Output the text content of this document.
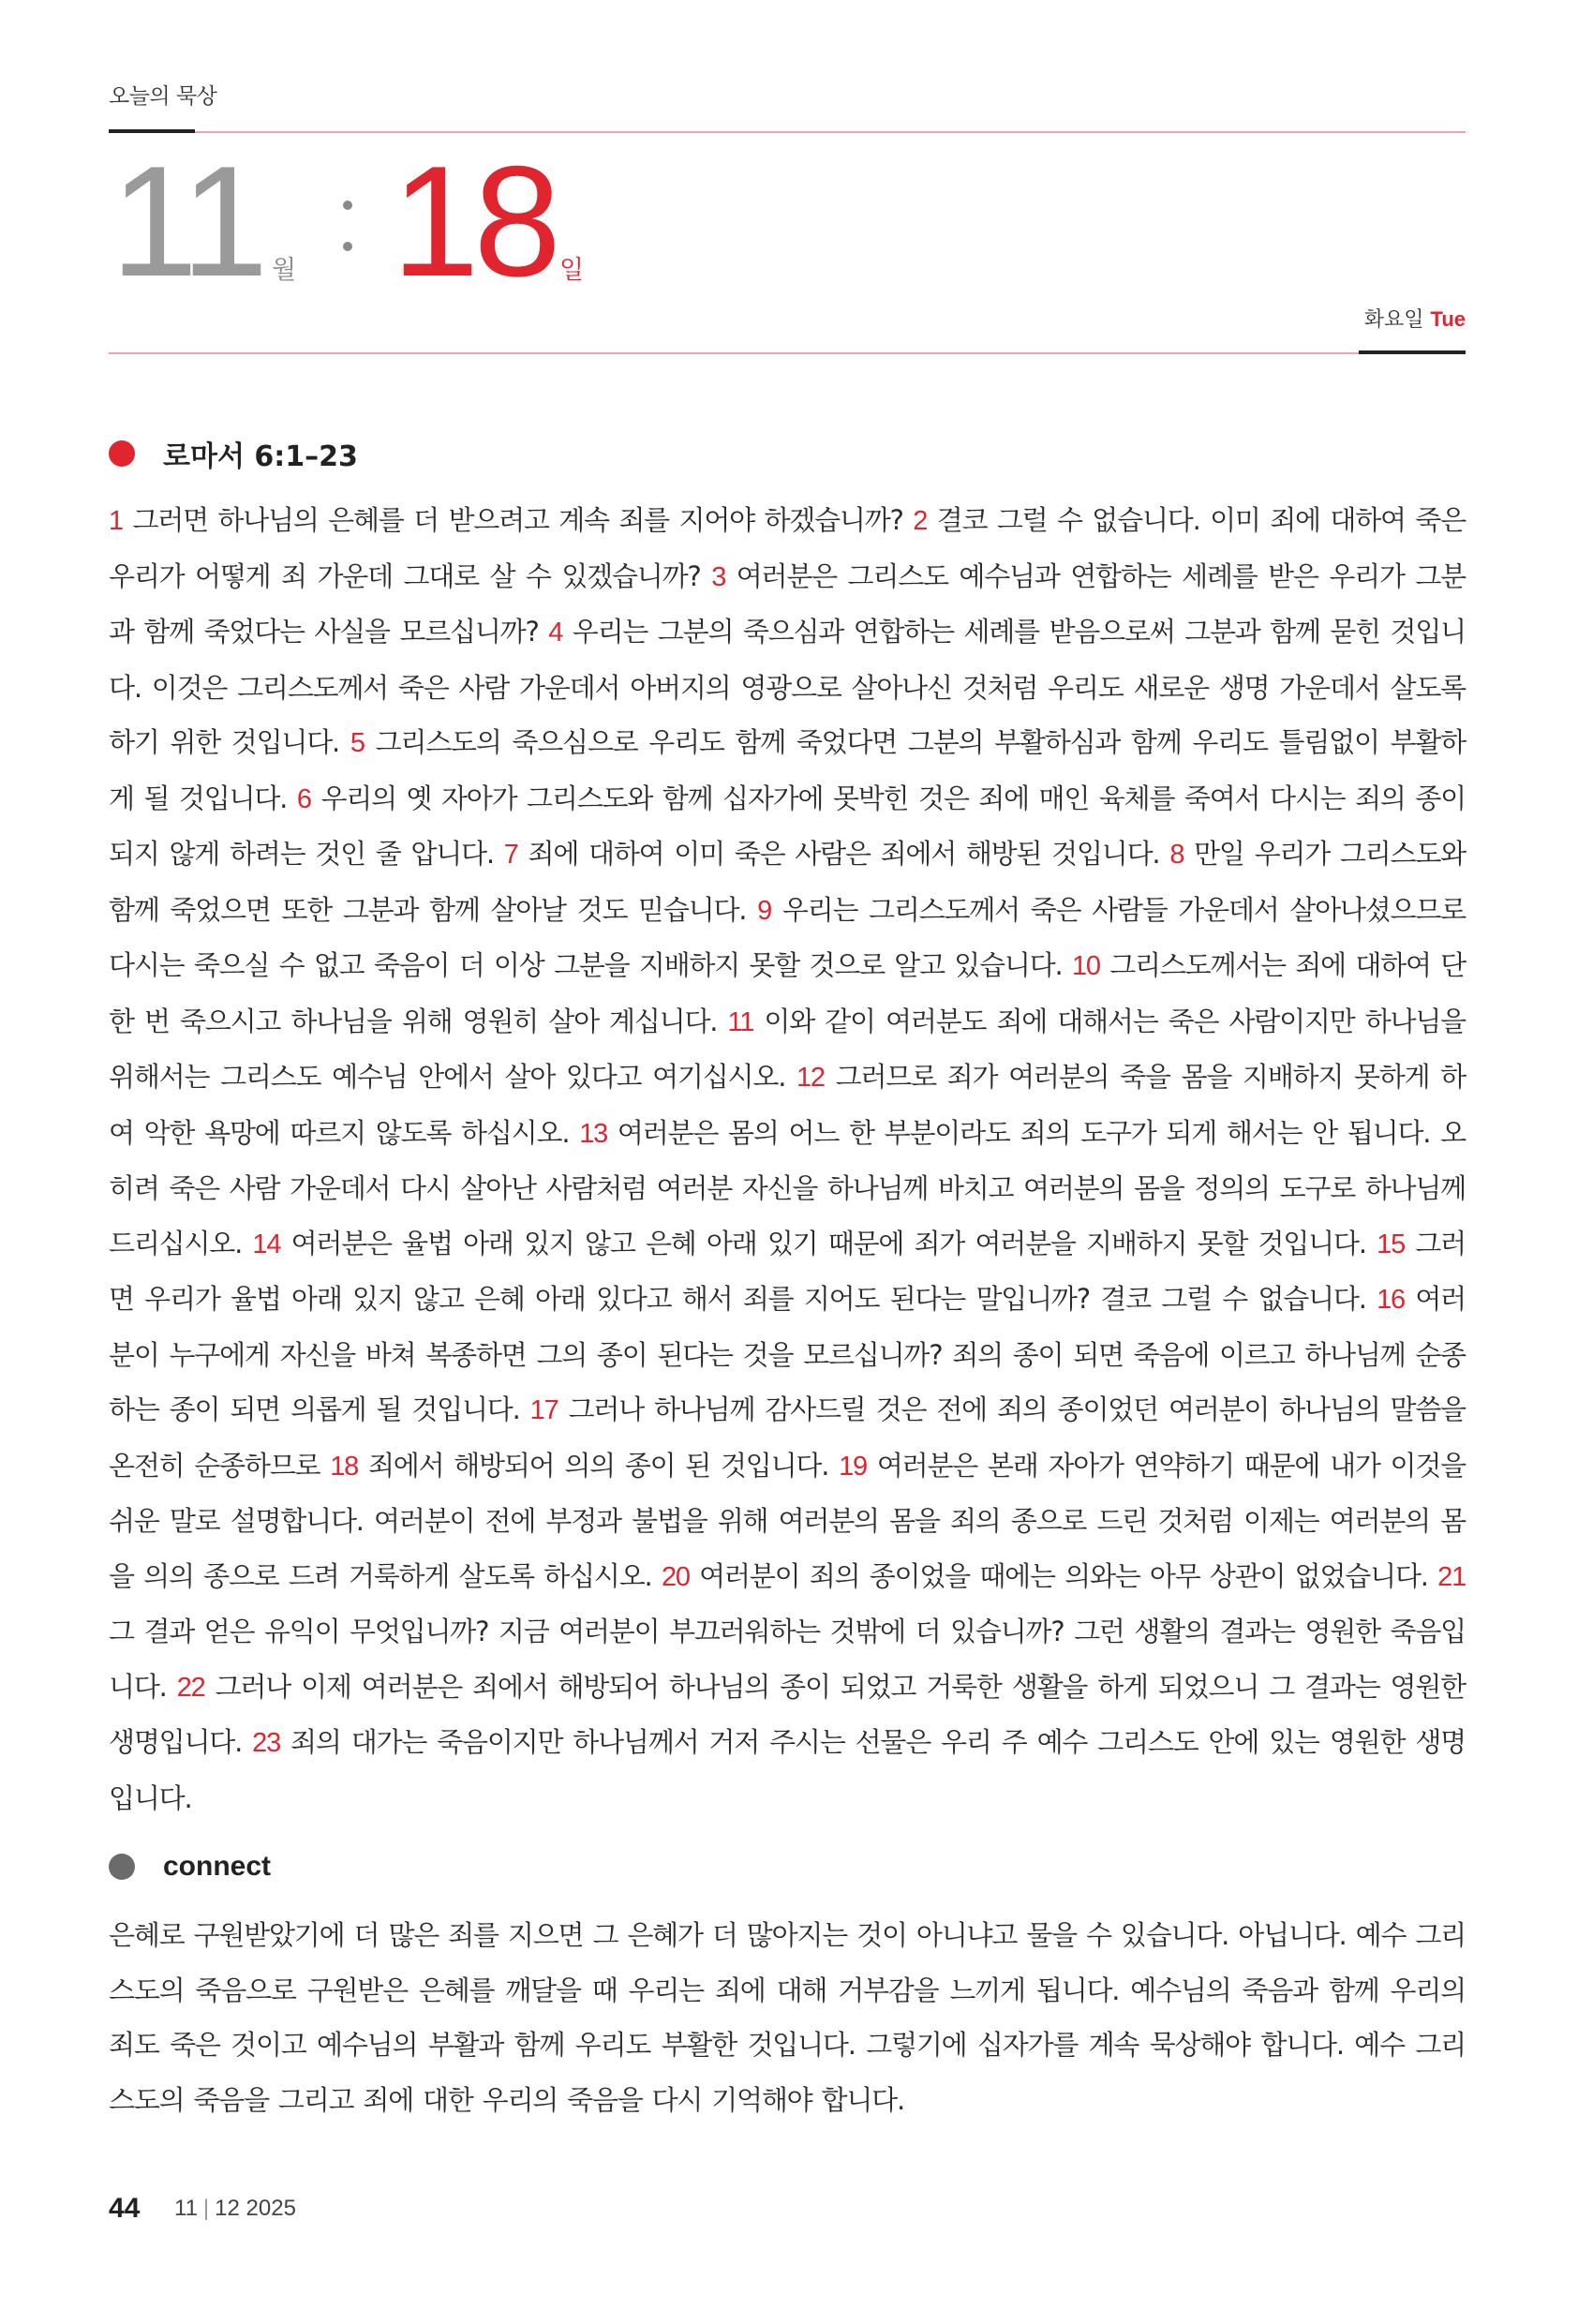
오늘의 묵상
11 월 18 일
화요일 Tue
로마서 6:1–23
1 그러면 하나님의 은혜를 더 받으려고 계속 죄를 지어야 하겠습니까? 2 결코 그럴 수 없습니다. 이미 죄에 대하여 죽은 우리가 어떻게 죄 가운데 그대로 살 수 있겠습니까? 3 여러분은 그리스도 예수님과 연합하는 세례를 받은 우리가 그분과 함께 죽었다는 사실을 모르십니까? 4 우리는 그분의 죽으심과 연합하는 세례를 받음으로써 그분과 함께 묻힌 것입니다. 이것은 그리스도께서 죽은 사람 가운데서 아버지의 영광으로 살아나신 것처럼 우리도 새로운 생명 가운데서 살도록 하기 위한 것입니다. 5 그리스도의 죽으심으로 우리도 함께 죽었다면 그분의 부활하심과 함께 우리도 틀림없이 부활하게 될 것입니다. 6 우리의 옛 자아가 그리스도와 함께 십자가에 못박힌 것은 죄에 매인 육체를 죽여서 다시는 죄의 종이 되지 않게 하려는 것인 줄 압니다. 7 죄에 대하여 이미 죽은 사람은 죄에서 해방된 것입니다. 8 만일 우리가 그리스도와 함께 죽었으면 또한 그분과 함께 살아날 것도 믿습니다. 9 우리는 그리스도께서 죽은 사람들 가운데서 살아나셨으므로 다시는 죽으실 수 없고 죽음이 더 이상 그분을 지배하지 못할 것으로 알고 있습니다. 10 그리스도께서는 죄에 대하여 단 한 번 죽으시고 하나님을 위해 영원히 살아 계십니다. 11 이와 같이 여러분도 죄에 대해서는 죽은 사람이지만 하나님을 위해서는 그리스도 예수님 안에서 살아 있다고 여기십시오. 12 그러므로 죄가 여러분의 죽을 몸을 지배하지 못하게 하여 악한 욕망에 따르지 않도록 하십시오. 13 여러분은 몸의 어느 한 부분이라도 죄의 도구가 되게 해서는 안 됩니다. 오히려 죽은 사람 가운데서 다시 살아난 사람처럼 여러분 자신을 하나님께 바치고 여러분의 몸을 정의의 도구로 하나님께 드리십시오. 14 여러분은 율법 아래 있지 않고 은혜 아래 있기 때문에 죄가 여러분을 지배하지 못할 것입니다. 15 그러면 우리가 율법 아래 있지 않고 은혜 아래 있다고 해서 죄를 지어도 된다는 말입니까? 결코 그럴 수 없습니다. 16 여러분이 누구에게 자신을 바쳐 복종하면 그의 종이 된다는 것을 모르십니까? 죄의 종이 되면 죽음에 이르고 하나님께 순종하는 종이 되면 의롭게 될 것입니다. 17 그러나 하나님께 감사드릴 것은 전에 죄의 종이었던 여러분이 하나님의 말씀을 온전히 순종하므로 18 죄에서 해방되어 의의 종이 된 것입니다. 19 여러분은 본래 자아가 연약하기 때문에 내가 이것을 쉬운 말로 설명합니다. 여러분이 전에 부정과 불법을 위해 여러분의 몸을 죄의 종으로 드린 것처럼 이제는 여러분의 몸을 의의 종으로 드려 거룩하게 살도록 하십시오. 20 여러분이 죄의 종이었을 때에는 의와는 아무 상관이 없었습니다. 21 그 결과 얻은 유익이 무엇입니까? 지금 여러분이 부끄러워하는 것밖에 더 있습니까? 그런 생활의 결과는 영원한 죽음입니다. 22 그러나 이제 여러분은 죄에서 해방되어 하나님의 종이 되었고 거룩한 생활을 하게 되었으니 그 결과는 영원한 생명입니다. 23 죄의 대가는 죽음이지만 하나님께서 거저 주시는 선물은 우리 주 예수 그리스도 안에 있는 영원한 생명입니다.
connect
은혜로 구원받았기에 더 많은 죄를 지으면 그 은혜가 더 많아지는 것이 아니냐고 물을 수 있습니다. 아닙니다. 예수 그리스도의 죽음으로 구원받은 은혜를 깨달을 때 우리는 죄에 대해 거부감을 느끼게 됩니다. 예수님의 죽음과 함께 우리의 죄도 죽은 것이고 예수님의 부활과 함께 우리도 부활한 것입니다. 그렇기에 십자가를 계속 묵상해야 합니다. 예수 그리스도의 죽음을 그리고 죄에 대한 우리의 죽음을 다시 기억해야 합니다.
44 11 | 12 2025
